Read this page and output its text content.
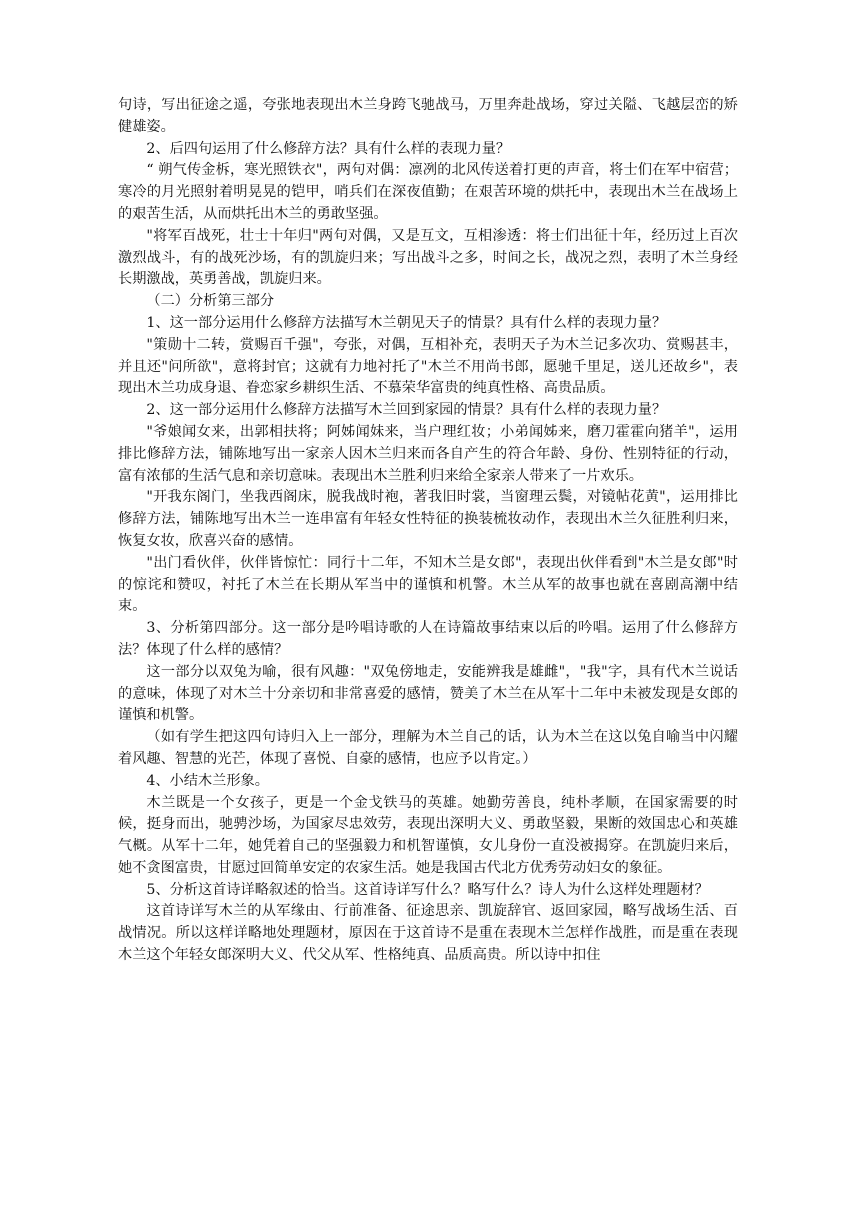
句诗，写出征途之遥，夸张地表现出木兰身跨飞驰战马，万里奔赴战场，穿过关隘、飞越层峦的矫健雄姿。

2、后四句运用了什么修辞方法？具有什么样的表现力量？

“ 朔气传金柝，寒光照铁衣"，两句对偶：凛冽的北风传送着打更的声音，将士们在军中宿营；寒冷的月光照射着明晃晃的铠甲，哨兵们在深夜值勤；在艰苦环境的烘托中，表现出木兰在战场上的艰苦生活，从而烘托出木兰的勇敢坚强。

"将军百战死，壮士十年归"两句对偶，又是互文，互相渗透：将士们出征十年，经历过上百次激烈战斗，有的战死沙场，有的凯旋归来；写出战斗之多，时间之长，战况之烈，表明了木兰身经长期激战，英勇善战，凯旋归来。

（二）分析第三部分

1、这一部分运用什么修辞方法描写木兰朝见天子的情景？具有什么样的表现力量？

"策勋十二转，赏赐百千强"，夸张，对偶，互相补充，表明天子为木兰记多次功、赏赐甚丰，并且还"问所欲"，意将封官；这就有力地衬托了"木兰不用尚书郎，愿驰千里足，送儿还故乡"，表现出木兰功成身退、眷恋家乡耕织生活、不慕荣华富贵的纯真性格、高贵品质。

2、这一部分运用什么修辞方法描写木兰回到家园的情景？具有什么样的表现力量？

"爷娘闻女来，出郭相扶将；阿姊闻妹来，当户理红妆；小弟闻姊来，磨刀霍霍向猪羊"，运用排比修辞方法，铺陈地写出一家亲人因木兰归来而各自产生的符合年龄、身份、性别特征的行动，富有浓郁的生活气息和亲切意味。表现出木兰胜利归来给全家亲人带来了一片欢乐。

"开我东阁门，坐我西阁床，脱我战时袍，著我旧时裳，当窗理云鬓，对镜帖花黄"，运用排比修辞方法，铺陈地写出木兰一连串富有年轻女性特征的换装梳妆动作，表现出木兰久征胜利归来，恢复女妆，欣喜兴奋的感情。

"出门看伙伴，伙伴皆惊忙：同行十二年，不知木兰是女郎"，表现出伙伴看到"木兰是女郎"时的惊诧和赞叹，衬托了木兰在长期从军当中的谨慎和机警。木兰从军的故事也就在喜剧高潮中结束。

3、分析第四部分。这一部分是吟唱诗歌的人在诗篇故事结束以后的吟唱。运用了什么修辞方法？体现了什么样的感情？

这一部分以双兔为喻，很有风趣："双兔傍地走，安能辨我是雄雌"，"我"字，具有代木兰说话的意味，体现了对木兰十分亲切和非常喜爱的感情，赞美了木兰在从军十二年中未被发现是女郎的谨慎和机警。

（如有学生把这四句诗归入上一部分，理解为木兰自己的话，认为木兰在这以兔自喻当中闪耀着风趣、智慧的光芒，体现了喜悦、自豪的感情，也应予以肯定。）

4、小结木兰形象。

木兰既是一个女孩子，更是一个金戈铁马的英雄。她勤劳善良，纯朴孝顺，在国家需要的时候，挺身而出，驰骋沙场，为国家尽忠效劳，表现出深明大义、勇敢坚毅，果断的效国忠心和英雄气概。从军十二年，她凭着自己的坚强毅力和机智谨慎，女儿身份一直没被揭穿。在凯旋归来后，她不贪图富贵，甘愿过回简单安定的农家生活。她是我国古代北方优秀劳动妇女的象征。

5、分析这首诗详略叙述的恰当。这首诗详写什么？略写什么？诗人为什么这样处理题材？

这首诗详写木兰的从军缘由、行前准备、征途思亲、凯旋辞官、返回家园，略写战场生活、百战情况。所以这样详略地处理题材，原因在于这首诗不是重在表现木兰怎样作战胜，而是重在表现木兰这个年轻女郎深明大义、代父从军、性格纯真、品质高贵。所以诗中扣住
